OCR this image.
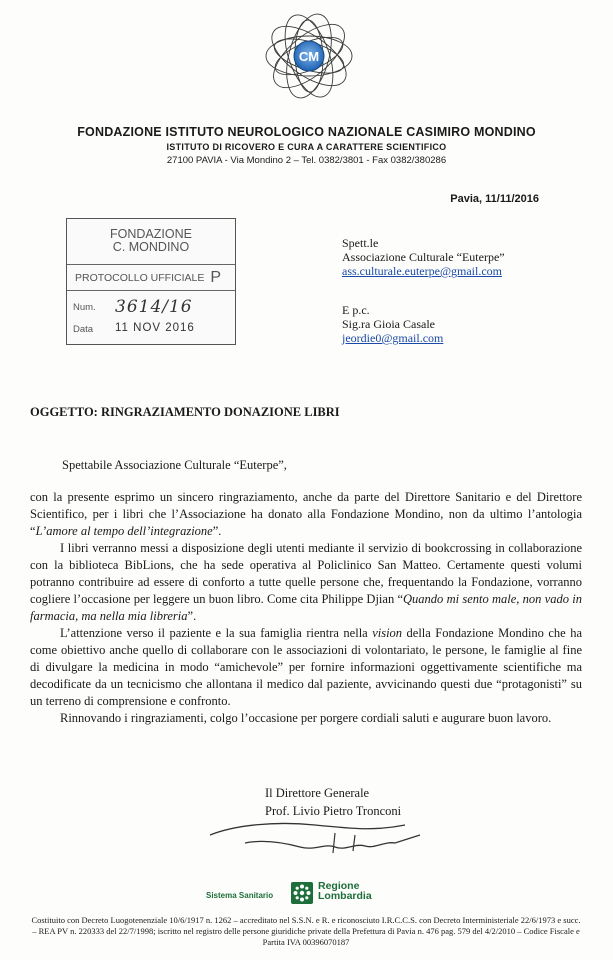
CM
FONDAZIONE ISTITUTO NEUROLOGICO NAZIONALE CASIMIRO MONDINO
ISTITUTO DI RICOVERO E CURA A CARATTERE SCIENTIFICO
27100 PAVIA - Via Mondino 2 – Tel. 0382/3801 - Fax 0382/380286
Pavia, 11/11/2016
FONDAZIONE
C. MONDINO
PROTOCOLLO UFFICIALE P
Num. 3614/16
Data 11 NOV 2016
Spett.le
Associazione Culturale “Euterpe”
ass.culturale.euterpe@gmail.com
E p.c.
Sig.ra Gioia Casale
jeordie0@gmail.com
OGGETTO: RINGRAZIAMENTO DONAZIONE LIBRI
Spettabile Associazione Culturale “Euterpe”,

con la presente esprimo un sincero ringraziamento, anche da parte del Direttore Sanitario e del Direttore Scientifico, per i libri che l’Associazione ha donato alla Fondazione Mondino, non da ultimo l’antologia “L’amore al tempo dell’integrazione”.

I libri verranno messi a disposizione degli utenti mediante il servizio di bookcrossing in collaborazione con la biblioteca BibLions, che ha sede operativa al Policlinico San Matteo. Certamente questi volumi potranno contribuire ad essere di conforto a tutte quelle persone che, frequentando la Fondazione, vorranno cogliere l’occasione per leggere un buon libro. Come cita Philippe Djian “Quando mi sento male, non vado in farmacia, ma nella mia libreria”.

L’attenzione verso il paziente e la sua famiglia rientra nella vision della Fondazione Mondino che ha come obiettivo anche quello di collaborare con le associazioni di volontariato, le persone, le famiglie al fine di divulgare la medicina in modo “amichevole” per fornire informazioni oggettivamente scientifiche ma decodificate da un tecnicismo che allontana il medico dal paziente, avvicinando questi due “protagonisti” su un terreno di comprensione e confronto.

Rinnovando i ringraziamenti, colgo l’occasione per porgere cordiali saluti e augurare buon lavoro.

Il Direttore Generale
Prof. Livio Pietro Tronconi
Sistema Sanitario
Regione
Lombardia
Costituito con Decreto Luogotenenziale 10/6/1917 n. 1262 – accreditato nel S.S.N. e R. e riconosciuto I.R.C.C.S. con Decreto Interministeriale 22/6/1973 e succ. – REA PV n. 220333 del 22/7/1998; iscritto nel registro delle persone giuridiche private della Prefettura di Pavia n. 476 pag. 579 del 4/2/2010 – Codice Fiscale e Partita IVA 00396070187
